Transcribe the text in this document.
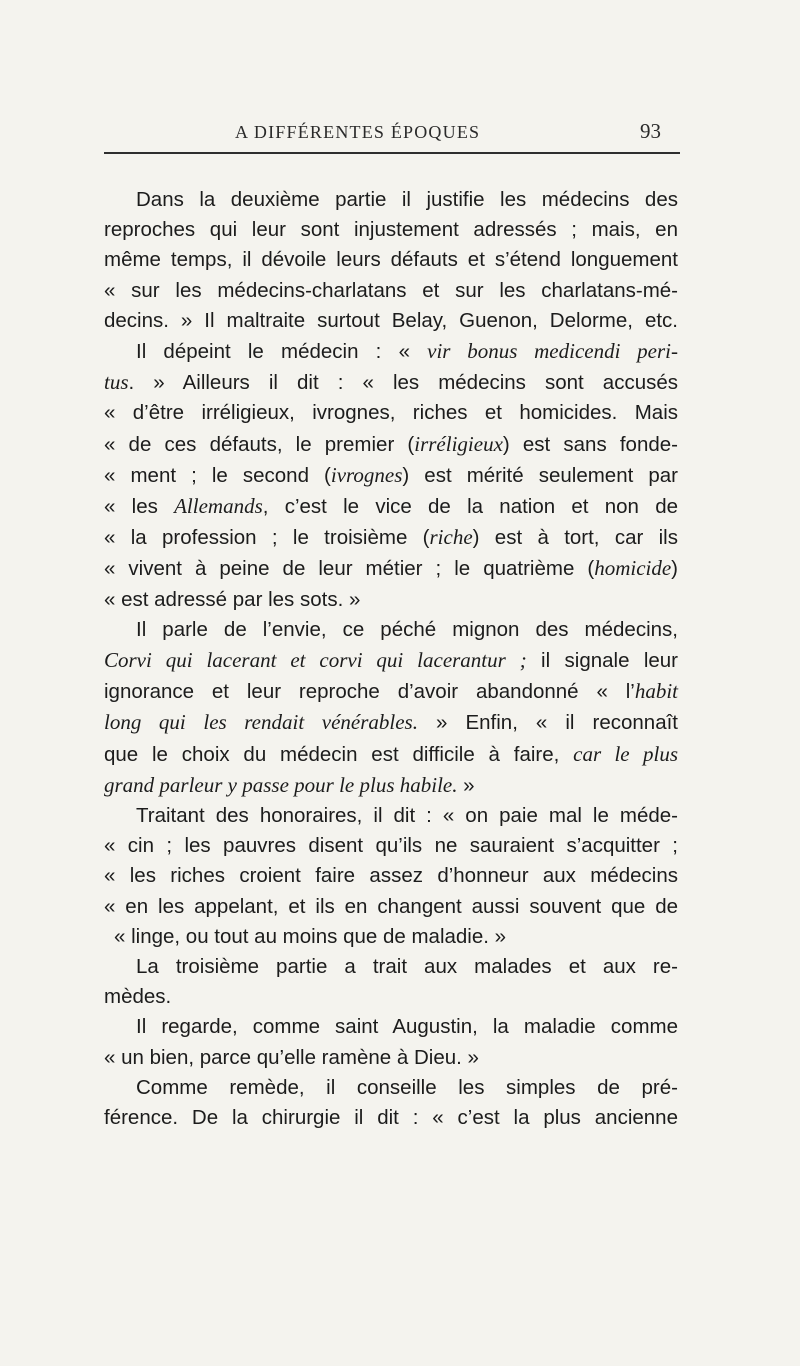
A DIFFÉRENTES ÉPOQUES	93

Dans la deuxième partie il justifie les médecins des
reproches qui leur sont injustement adressés ; mais, en
même temps, il dévoile leurs défauts et s’étend longuement
« sur les médecins-charlatans et sur les charlatans-mé-
decins. » Il maltraite surtout Belay, Guenon, Delorme, etc.

Il dépeint le médecin : « vir bonus medicendi peri-
tus. » Ailleurs il dit : « les médecins sont accusés
« d’être irréligieux, ivrognes, riches et homicides. Mais
« de ces défauts, le premier (irréligieux) est sans fonde-
« ment ; le second (ivrognes) est mérité seulement par
« les Allemands, c’est le vice de la nation et non de
« la profession ; le troisième (riche) est à tort, car ils
« vivent à peine de leur métier ; le quatrième (homicide)
« est adressé par les sots. »

Il parle de l’envie, ce péché mignon des médecins,
Corvi qui lacerant et corvi qui lacerantur ; il signale leur
ignorance et leur reproche d’avoir abandonné « l’habit
long qui les rendait vénérables. » Enfin, « il reconnaît
que le choix du médecin est difficile à faire, car le plus
grand parleur y passe pour le plus habile. »

Traitant des honoraires, il dit : « on paie mal le méde-
« cin ; les pauvres disent qu’ils ne sauraient s’acquitter ;
« les riches croient faire assez d’honneur aux médecins
« en les appelant, et ils en changent aussi souvent que de
« linge, ou tout au moins que de maladie. »

La troisième partie a trait aux malades et aux re-
mèdes.

Il regarde, comme saint Augustin, la maladie comme
« un bien, parce qu’elle ramène à Dieu. »

Comme remède, il conseille les simples de pré-
férence. De la chirurgie il dit : « c’est la plus ancienne
